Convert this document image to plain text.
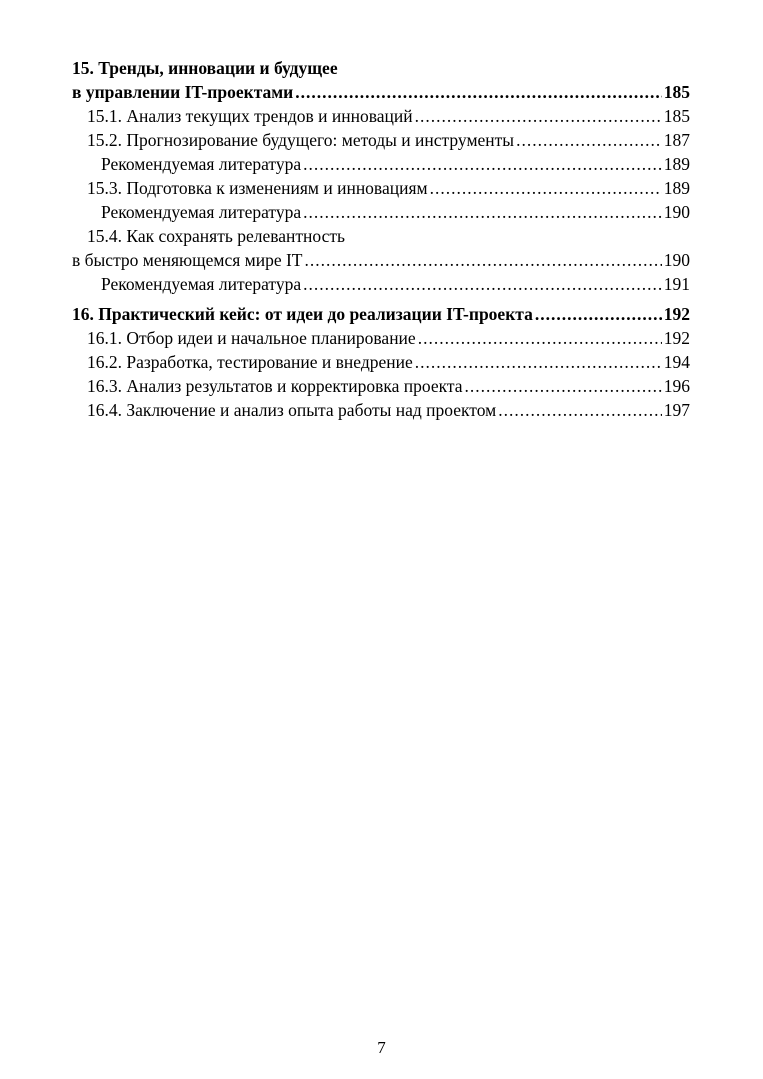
15. Тренды, инновации и будущее
в управлении IT-проектами .....	185
15.1. Анализ текущих трендов и инноваций .....	185
15.2. Прогнозирование будущего: методы и инструменты .....	187
Рекомендуемая литература .....	189
15.3. Подготовка к изменениям и инновациям .....	189
Рекомендуемая литература .....	190
15.4. Как сохранять релевантность
в быстро меняющемся мире IT .....	190
Рекомендуемая литература .....	191
16. Практический кейс: от идеи до реализации IT-проекта .....	192
16.1. Отбор идеи и начальное планирование .....	192
16.2. Разработка, тестирование и внедрение .....	194
16.3. Анализ результатов и корректировка проекта .....	196
16.4. Заключение и анализ опыта работы над проектом .....	197
7
